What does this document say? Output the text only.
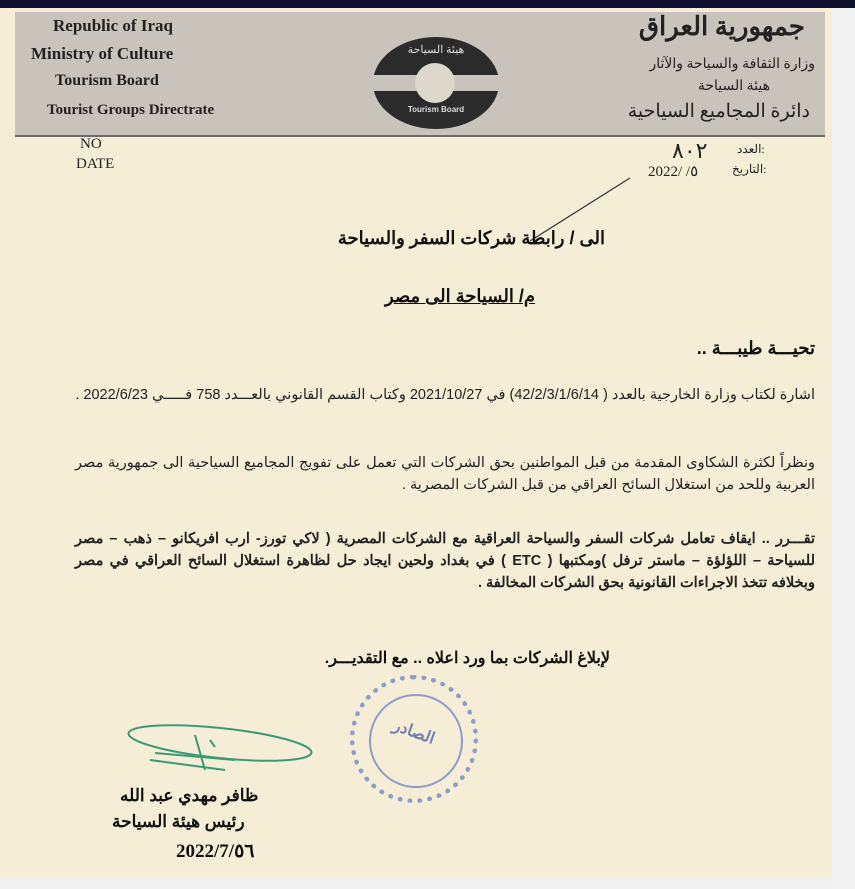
Republic of Iraq
Ministry of Culture
Tourism Board
Tourist Groups Directrate
هيئة السياحة
Tourism Board
جمهورية العراق
وزارة الثقافة والسياحة والآثار
هيئة السياحة
دائرة المجاميع السياحية
NO
DATE
العدد:
التاريخ:
٨٠٢
2022/ /٥
الى / رابطة شركات السفر والسياحة
م/ السياحة الى مصر
تحيـــة طيبـــة ..
اشارة لكتاب وزارة الخارجية بالعدد ( 42/2/3/1/6/14) في 2021/10/27 وكتاب القسم القانوني بالعـــدد 758 فـــــي 2022/6/23 .
ونظراً لكثرة الشكاوى المقدمة من قبل المواطنين بحق الشركات التي تعمل على تفويج المجاميع السياحية الى جمهورية مصر العربية وللحد من استغلال السائح العراقي من قبل الشركات المصرية .
تقـــرر .. ايقاف تعامل شركات السفر والسياحة العراقية مع الشركات المصرية ( لاكي تورز- ارب افريكانو – ذهب – مصر للسياحة – اللؤلؤة – ماستر ترفل )ومكتبها ( ETC ) في بغداد ولحين ايجاد حل لظاهرة استغلال السائح العراقي في مصر وبخلافه تتخذ الاجراءات القانونية بحق الشركات المخالفة .
لإبلاغ الشركات بما ورد اعلاه .. مع التقديـــر.
الصادر
ظافر مهدي عبد الله
رئيس هيئة السياحة
2022/7/٥٦
